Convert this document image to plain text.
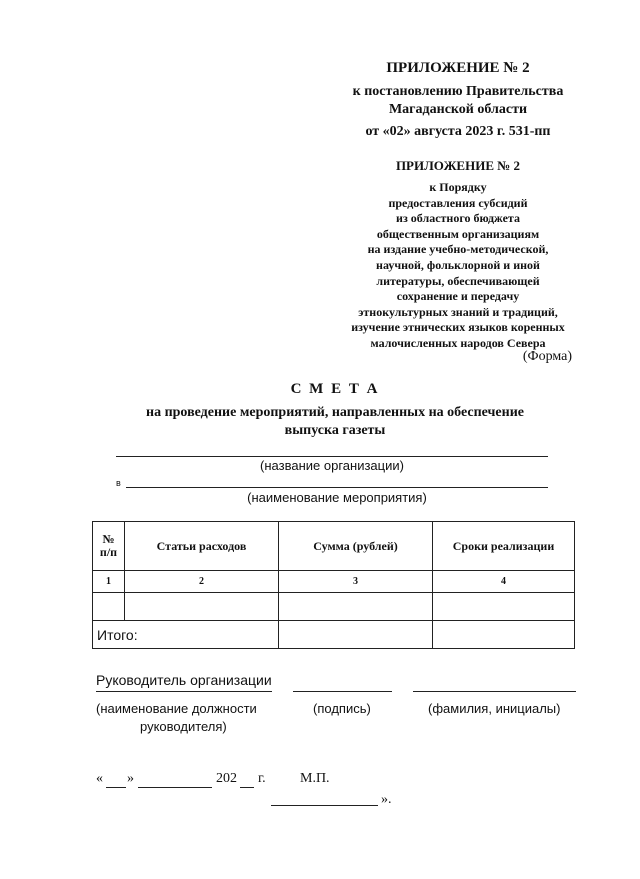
ПРИЛОЖЕНИЕ № 2
к постановлению Правительства
Магаданской области
от «02» августа 2023 г. 531-пп
ПРИЛОЖЕНИЕ № 2
к Порядку
предоставления субсидий
из областного бюджета
общественным организациям
на издание учебно-методической,
научной, фольклорной и иной
литературы, обеспечивающей
сохранение и передачу
этнокультурных знаний и традиций,
изучение этнических языков коренных
малочисленных народов Севера
(Форма)
С М Е Т А
на проведение мероприятий, направленных на обеспечение
выпуска газеты
(название организации)
в
(наименование мероприятия)
№
п/п	Статьи расходов	Сумма (рублей)	Сроки реализации
1	2	3	4

Итого:			
Руководитель организации
(наименование должности
руководителя)
(подпись)	(фамилия, инициалы)
« »	202 г. М.П.
».
